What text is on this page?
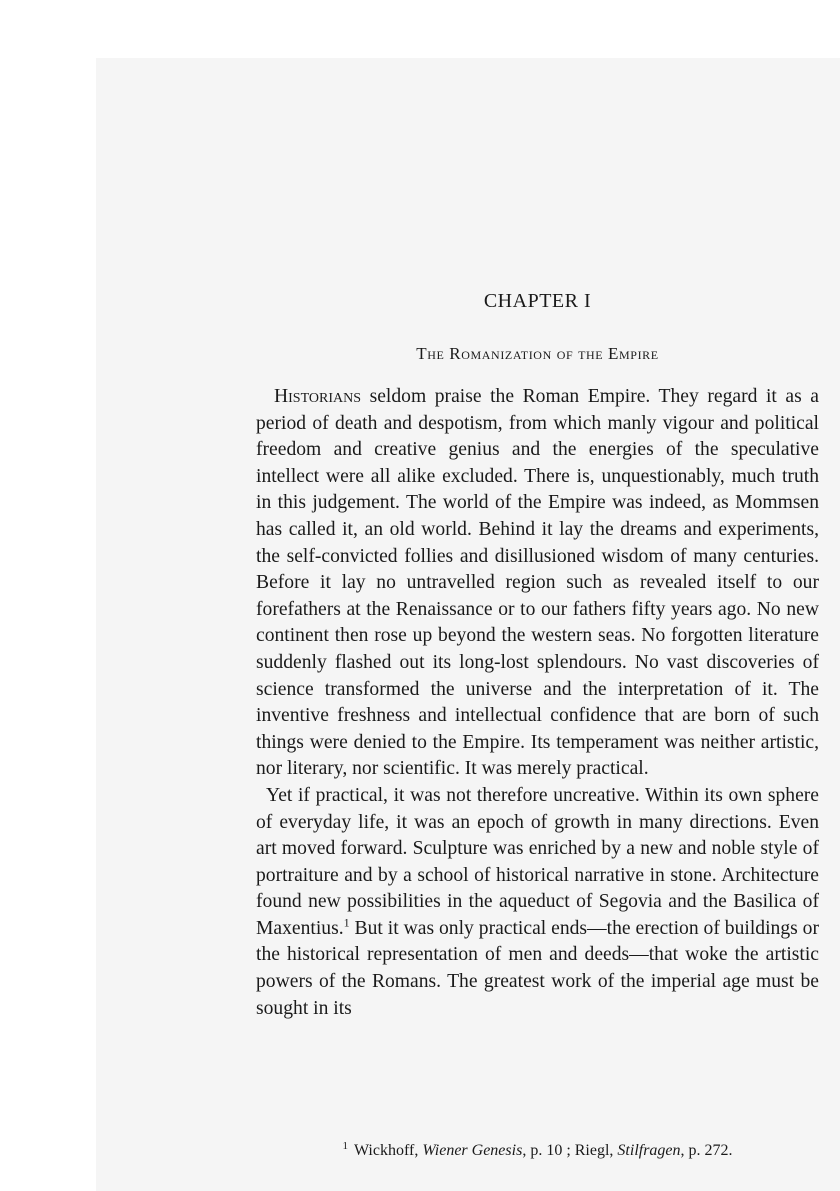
CHAPTER I
The Romanization of the Empire

Historians seldom praise the Roman Empire. They regard it as a period of death and despotism, from which manly vigour and political freedom and creative genius and the energies of the speculative intellect were all alike excluded. There is, unquestionably, much truth in this judgement. The world of the Empire was indeed, as Mommsen has called it, an old world. Behind it lay the dreams and experiments, the self-convicted follies and disillusioned wisdom of many centuries. Before it lay no untravelled region such as revealed itself to our forefathers at the Renaissance or to our fathers fifty years ago. No new continent then rose up beyond the western seas. No forgotten literature suddenly flashed out its long-lost splendours. No vast discoveries of science transformed the universe and the interpretation of it. The inventive freshness and intellectual confidence that are born of such things were denied to the Empire. Its temperament was neither artistic, nor literary, nor scientific. It was merely practical.

Yet if practical, it was not therefore uncreative. Within its own sphere of everyday life, it was an epoch of growth in many directions. Even art moved forward. Sculpture was enriched by a new and noble style of portraiture and by a school of historical narrative in stone. Architecture found new possibilities in the aqueduct of Segovia and the Basilica of Maxentius.$^1$ But it was only practical ends—the erection of buildings or the historical representation of men and deeds—that woke the artistic powers of the Romans. The greatest work of the imperial age must be sought in its

$^1$ Wickhoff, Wiener Genesis, p. 10 ; Riegl, Stilfragen, p. 272.
